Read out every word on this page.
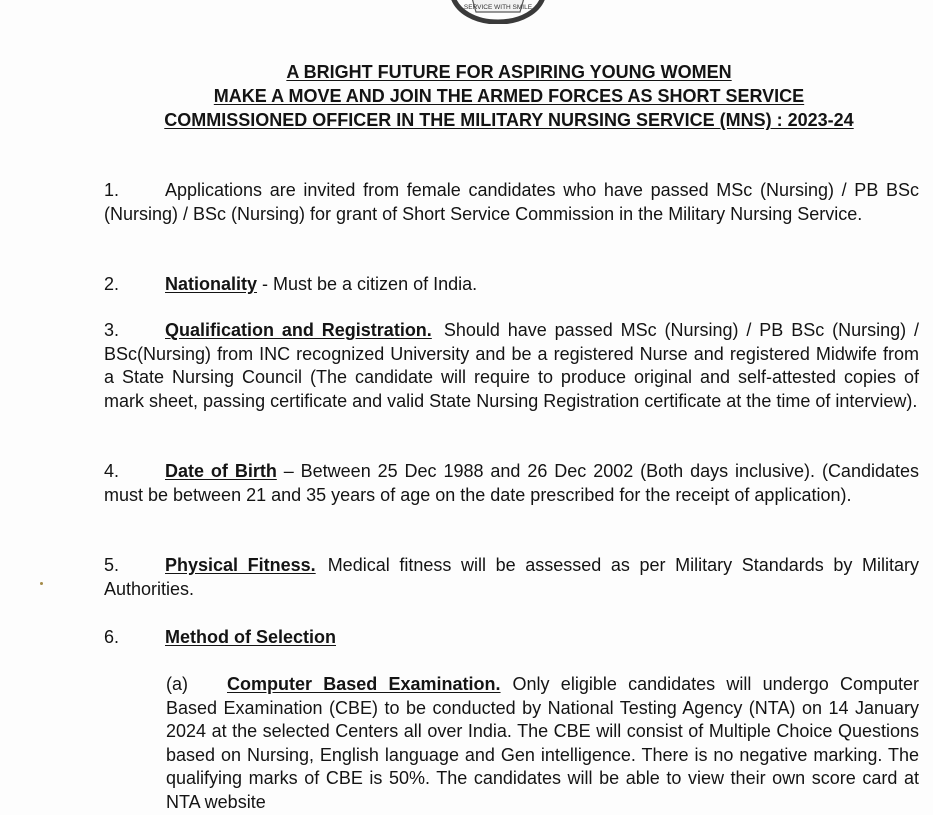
SERVICE WITH SMILE
A BRIGHT FUTURE FOR ASPIRING YOUNG WOMEN
MAKE A MOVE AND JOIN THE ARMED FORCES AS SHORT SERVICE
COMMISSIONED OFFICER IN THE MILITARY NURSING SERVICE (MNS) : 2023-24
1.	Applications are invited from female candidates who have passed MSc (Nursing) / PB BSc (Nursing) / BSc (Nursing) for grant of Short Service Commission in the Military Nursing Service.
2.	Nationality - Must be a citizen of India.
3.	Qualification and Registration. Should have passed MSc (Nursing) / PB BSc (Nursing) / BSc(Nursing) from INC recognized University and be a registered Nurse and registered Midwife from a State Nursing Council (The candidate will require to produce original and self-attested copies of mark sheet, passing certificate and valid State Nursing Registration certificate at the time of interview).
4.	Date of Birth – Between 25 Dec 1988 and 26 Dec 2002 (Both days inclusive). (Candidates must be between 21 and 35 years of age on the date prescribed for the receipt of application).
5.	Physical Fitness. Medical fitness will be assessed as per Military Standards by Military Authorities.
6.	Method of Selection
(a) Computer Based Examination. Only eligible candidates will undergo Computer Based Examination (CBE) to be conducted by National Testing Agency (NTA) on 14 January 2024 at the selected Centers all over India. The CBE will consist of Multiple Choice Questions based on Nursing, English language and Gen intelligence. There is no negative marking. The qualifying marks of CBE is 50%. The candidates will be able to view their own score card at NTA website
